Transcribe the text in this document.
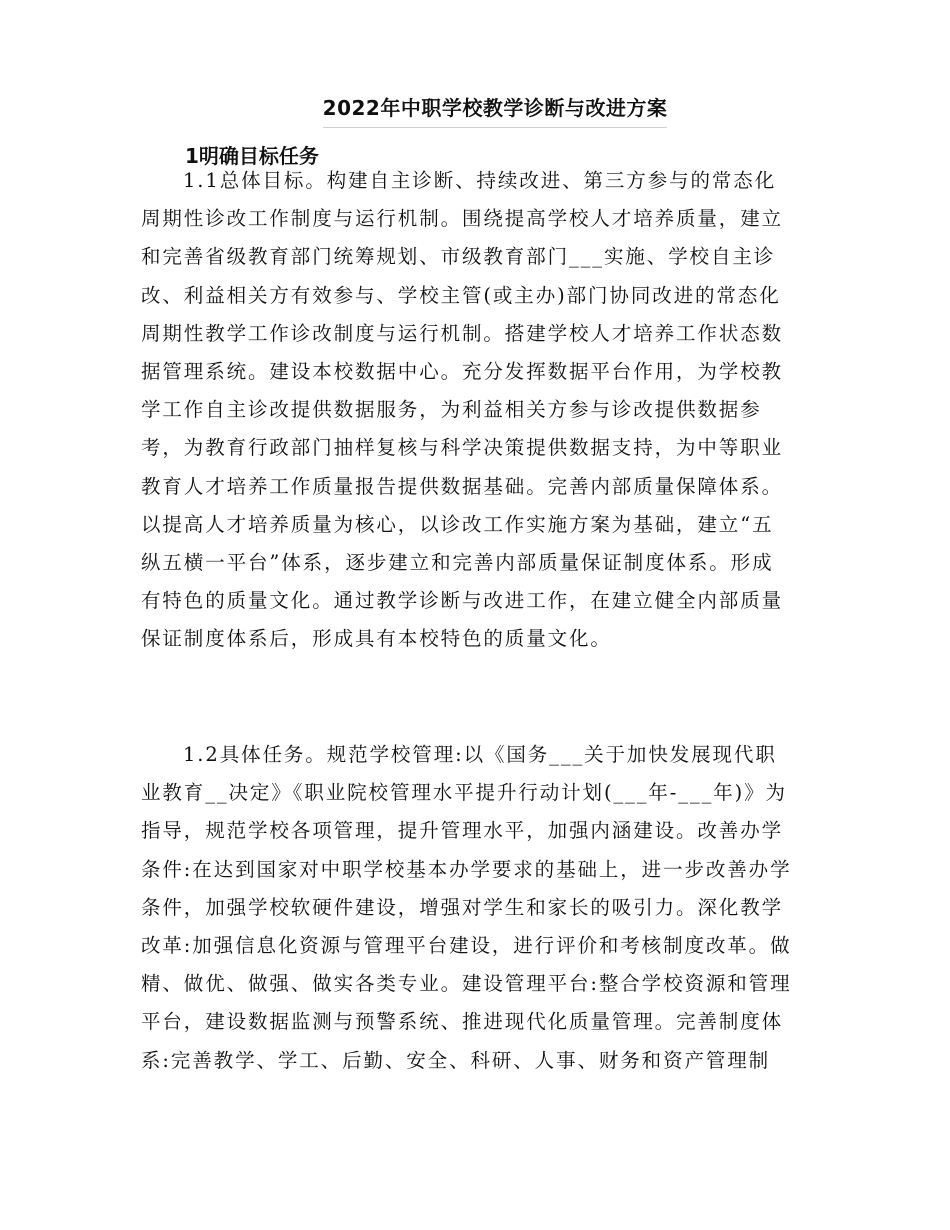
2022年中职学校教学诊断与改进方案
1明确目标任务
1.1总体目标。构建自主诊断、持续改进、第三方参与的常态化
周期性诊改工作制度与运行机制。围绕提高学校人才培养质量，建立
和完善省级教育部门统筹规划、市级教育部门___实施、学校自主诊
改、利益相关方有效参与、学校主管(或主办)部门协同改进的常态化
周期性教学工作诊改制度与运行机制。搭建学校人才培养工作状态数
据管理系统。建设本校数据中心。充分发挥数据平台作用，为学校教
学工作自主诊改提供数据服务，为利益相关方参与诊改提供数据参
考，为教育行政部门抽样复核与科学决策提供数据支持，为中等职业
教育人才培养工作质量报告提供数据基础。完善内部质量保障体系。
以提高人才培养质量为核心，以诊改工作实施方案为基础，建立“五
纵五横一平台”体系，逐步建立和完善内部质量保证制度体系。形成
有特色的质量文化。通过教学诊断与改进工作，在建立健全内部质量
保证制度体系后，形成具有本校特色的质量文化。
1.2具体任务。规范学校管理:以《国务___关于加快发展现代职
业教育__决定》《职业院校管理水平提升行动计划(___年-___年)》为
指导，规范学校各项管理，提升管理水平，加强内涵建设。改善办学
条件:在达到国家对中职学校基本办学要求的基础上，进一步改善办学
条件，加强学校软硬件建设，增强对学生和家长的吸引力。深化教学
改革:加强信息化资源与管理平台建设，进行评价和考核制度改革。做
精、做优、做强、做实各类专业。建设管理平台:整合学校资源和管理
平台，建设数据监测与预警系统、推进现代化质量管理。完善制度体
系:完善教学、学工、后勤、安全、科研、人事、财务和资产管理制
